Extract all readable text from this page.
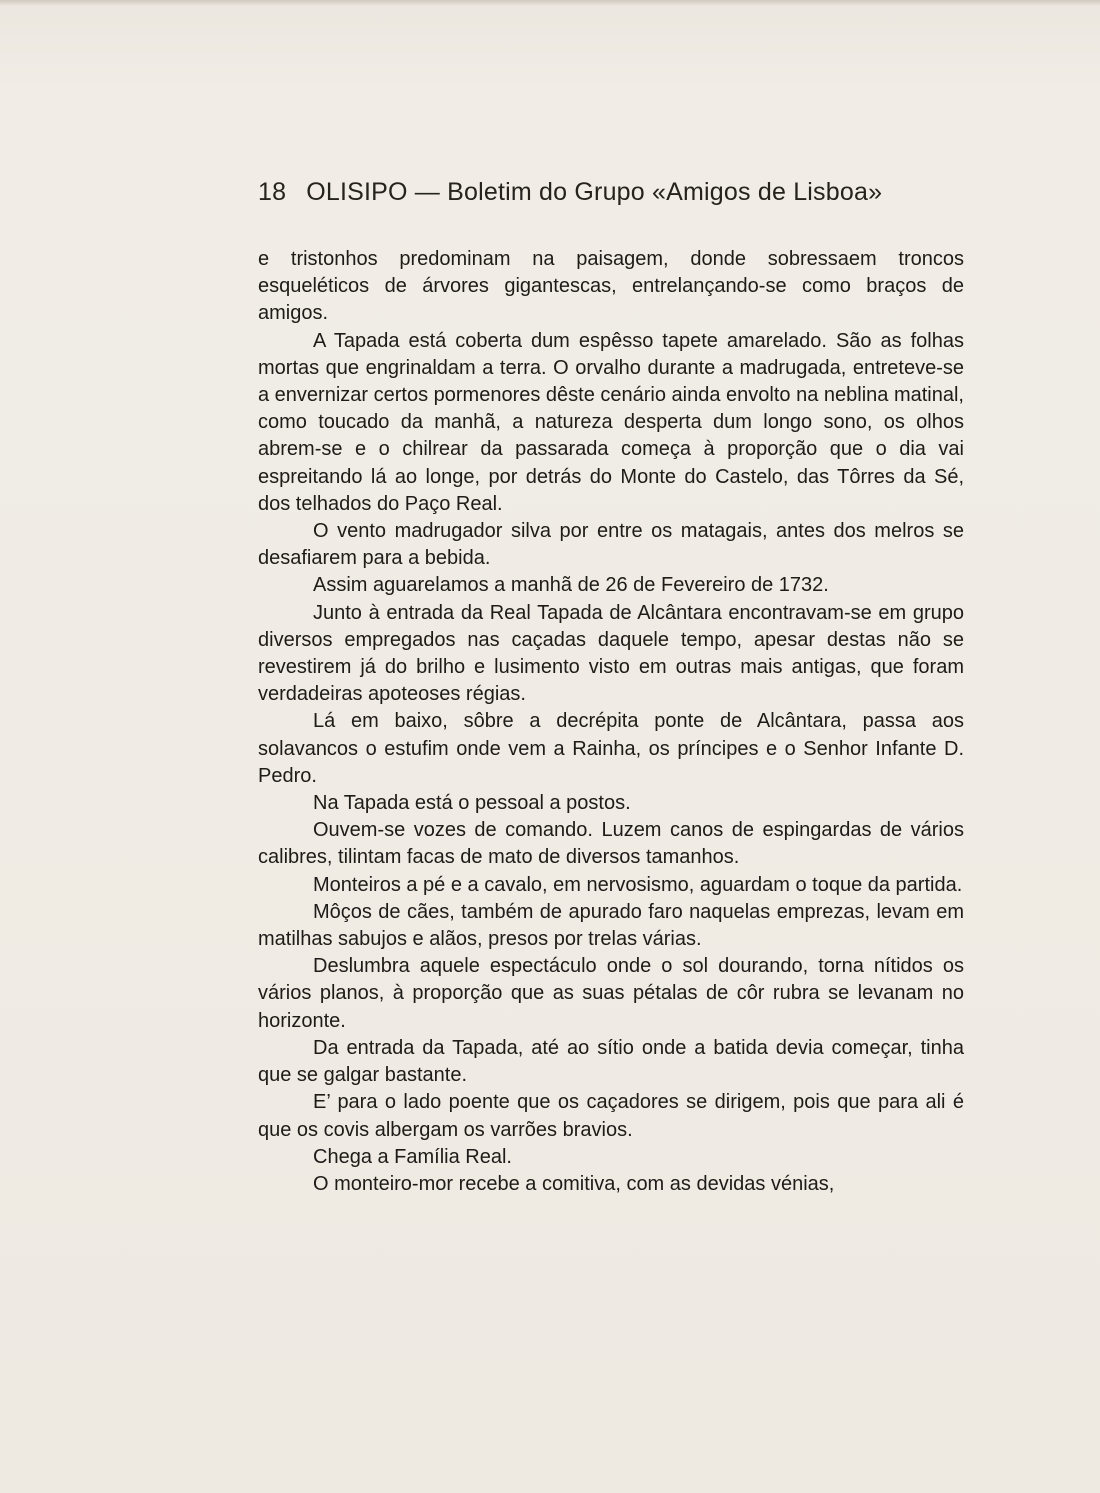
18 OLISIPO — Boletim do Grupo «Amigos de Lisboa»

e tristonhos predominam na paisagem, donde sobressaem troncos esqueléticos de árvores gigantescas, entrelançando-se como braços de amigos.

A Tapada está coberta dum espêsso tapete amarelado. São as folhas mortas que engrinaldam a terra. O orvalho durante a madrugada, entreteve-se a envernizar certos pormenores dêste cenário ainda envolto na neblina matinal, como toucado da manhã, a natureza desperta dum longo sono, os olhos abrem-se e o chilrear da passarada começa à proporção que o dia vai espreitando lá ao longe, por detrás do Monte do Castelo, das Tôrres da Sé, dos telhados do Paço Real.

O vento madrugador silva por entre os matagais, antes dos melros se desafiarem para a bebida.

Assim aguarelamos a manhã de 26 de Fevereiro de 1732.

Junto à entrada da Real Tapada de Alcântara encontravam-se em grupo diversos empregados nas caçadas daquele tempo, apesar destas não se revestirem já do brilho e lusimento visto em outras mais antigas, que foram verdadeiras apoteoses régias.

Lá em baixo, sôbre a decrépita ponte de Alcântara, passa aos solavancos o estufim onde vem a Rainha, os príncipes e o Senhor Infante D. Pedro.

Na Tapada está o pessoal a postos.

Ouvem-se vozes de comando. Luzem canos de espingardas de vários calibres, tilintam facas de mato de diversos tamanhos.

Monteiros a pé e a cavalo, em nervosismo, aguardam o toque da partida.

Môços de cães, também de apurado faro naquelas emprezas, levam em matilhas sabujos e alãos, presos por trelas várias.

Deslumbra aquele espectáculo onde o sol dourando, torna nítidos os vários planos, à proporção que as suas pétalas de côr rubra se levanam no horizonte.

Da entrada da Tapada, até ao sítio onde a batida devia começar, tinha que se galgar bastante.

E’ para o lado poente que os caçadores se dirigem, pois que para ali é que os covis albergam os varrões bravios.

Chega a Família Real.

O monteiro-mor recebe a comitiva, com as devidas vénias,
